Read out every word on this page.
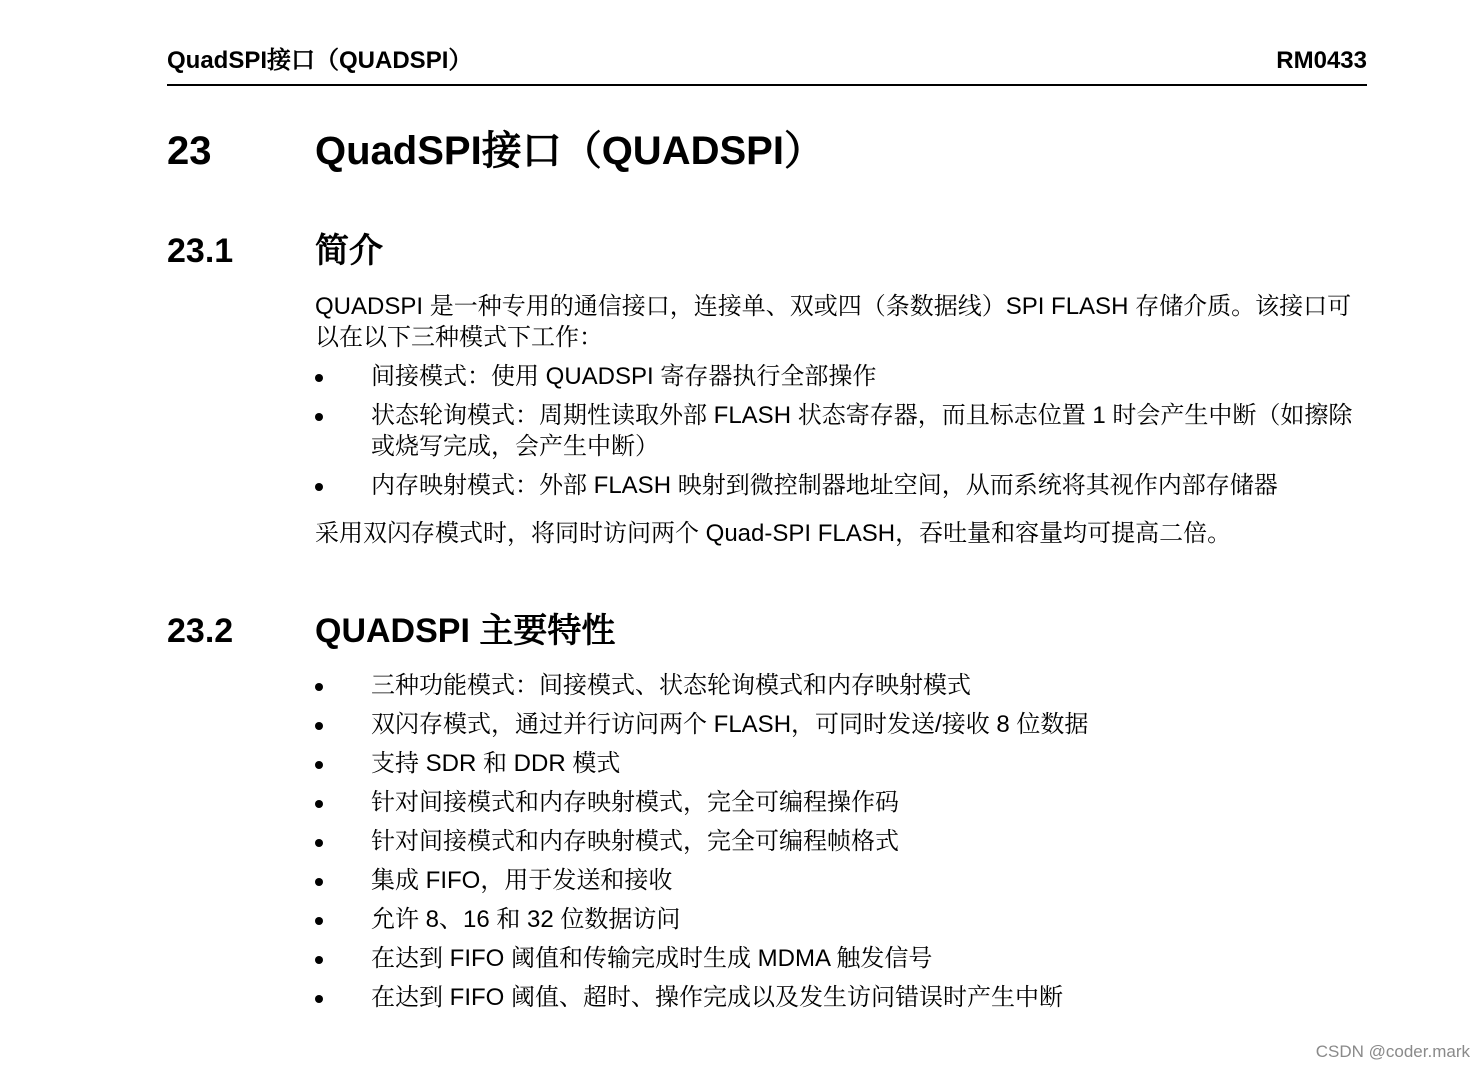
QuadSPI接口（QUADSPI）	RM0433
23	QuadSPI接口（QUADSPI）
23.1 简介
QUADSPI 是一种专用的通信接口，连接单、双或四（条数据线）SPI FLASH 存储介质。该接口可以在以下三种模式下工作：
间接模式：使用 QUADSPI 寄存器执行全部操作
状态轮询模式：周期性读取外部 FLASH 状态寄存器，而且标志位置 1 时会产生中断（如擦除或烧写完成，会产生中断）
内存映射模式：外部 FLASH 映射到微控制器地址空间，从而系统将其视作内部存储器
采用双闪存模式时，将同时访问两个 Quad-SPI FLASH，吞吐量和容量均可提高二倍。
23.2 QUADSPI 主要特性
三种功能模式：间接模式、状态轮询模式和内存映射模式
双闪存模式，通过并行访问两个 FLASH，可同时发送/接收 8 位数据
支持 SDR 和 DDR 模式
针对间接模式和内存映射模式，完全可编程操作码
针对间接模式和内存映射模式，完全可编程帧格式
集成 FIFO，用于发送和接收
允许 8、16 和 32 位数据访问
在达到 FIFO 阈值和传输完成时生成 MDMA 触发信号
在达到 FIFO 阈值、超时、操作完成以及发生访问错误时产生中断
CSDN @coder.mark
